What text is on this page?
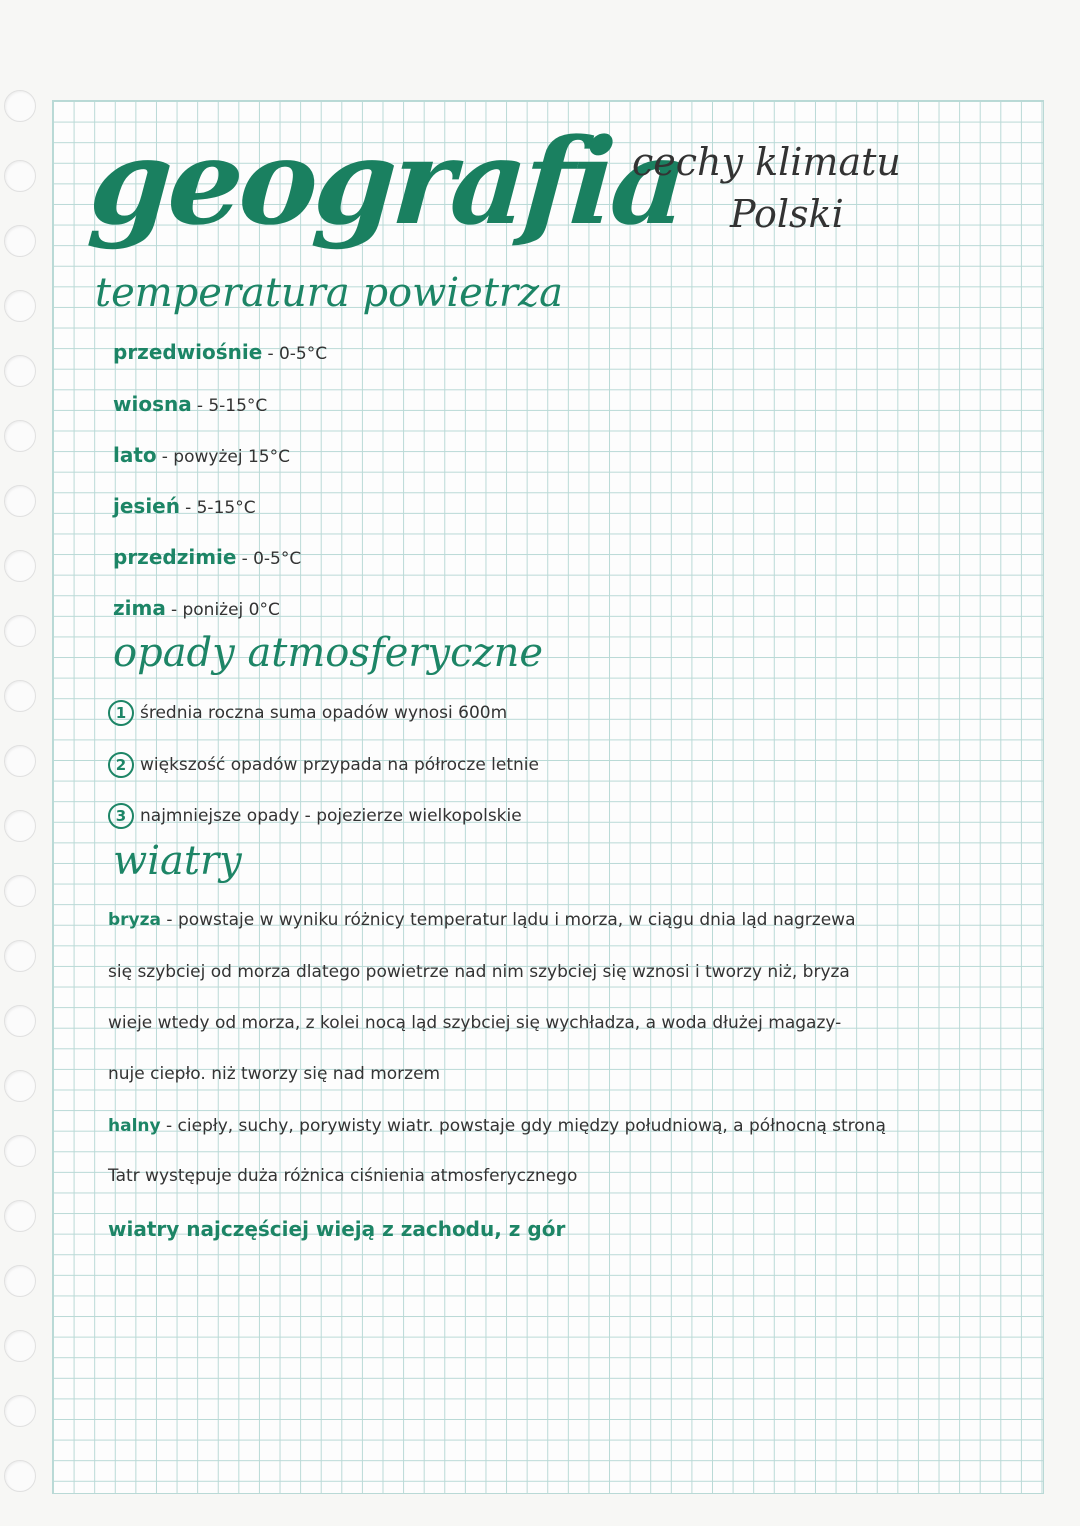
geografia
cechy klimatu
Polski
temperatura powietrza
przedwiośnie - 0-5°C
wiosna - 5-15°C
lato - powyżej 15°C
jesień - 5-15°C
przedzimie - 0-5°C
zima - poniżej 0°C
opady atmosferyczne
1 średnia roczna suma opadów wynosi 600m
2 większość opadów przypada na półrocze letnie
3 najmniejsze opady - pojezierze wielkopolskie
wiatry
bryza - powstaje w wyniku różnicy temperatur lądu i morza, w ciągu dnia ląd nagrzewa
się szybciej od morza dlatego powietrze nad nim szybciej się wznosi i tworzy niż, bryza
wieje wtedy od morza, z kolei nocą ląd szybciej się wychładza, a woda dłużej magazy-
nuje ciepło. niż tworzy się nad morzem
halny - ciepły, suchy, porywisty wiatr. powstaje gdy między południową, a północną stroną
Tatr występuje duża różnica ciśnienia atmosferycznego
wiatry najczęściej wieją z zachodu, z gór
